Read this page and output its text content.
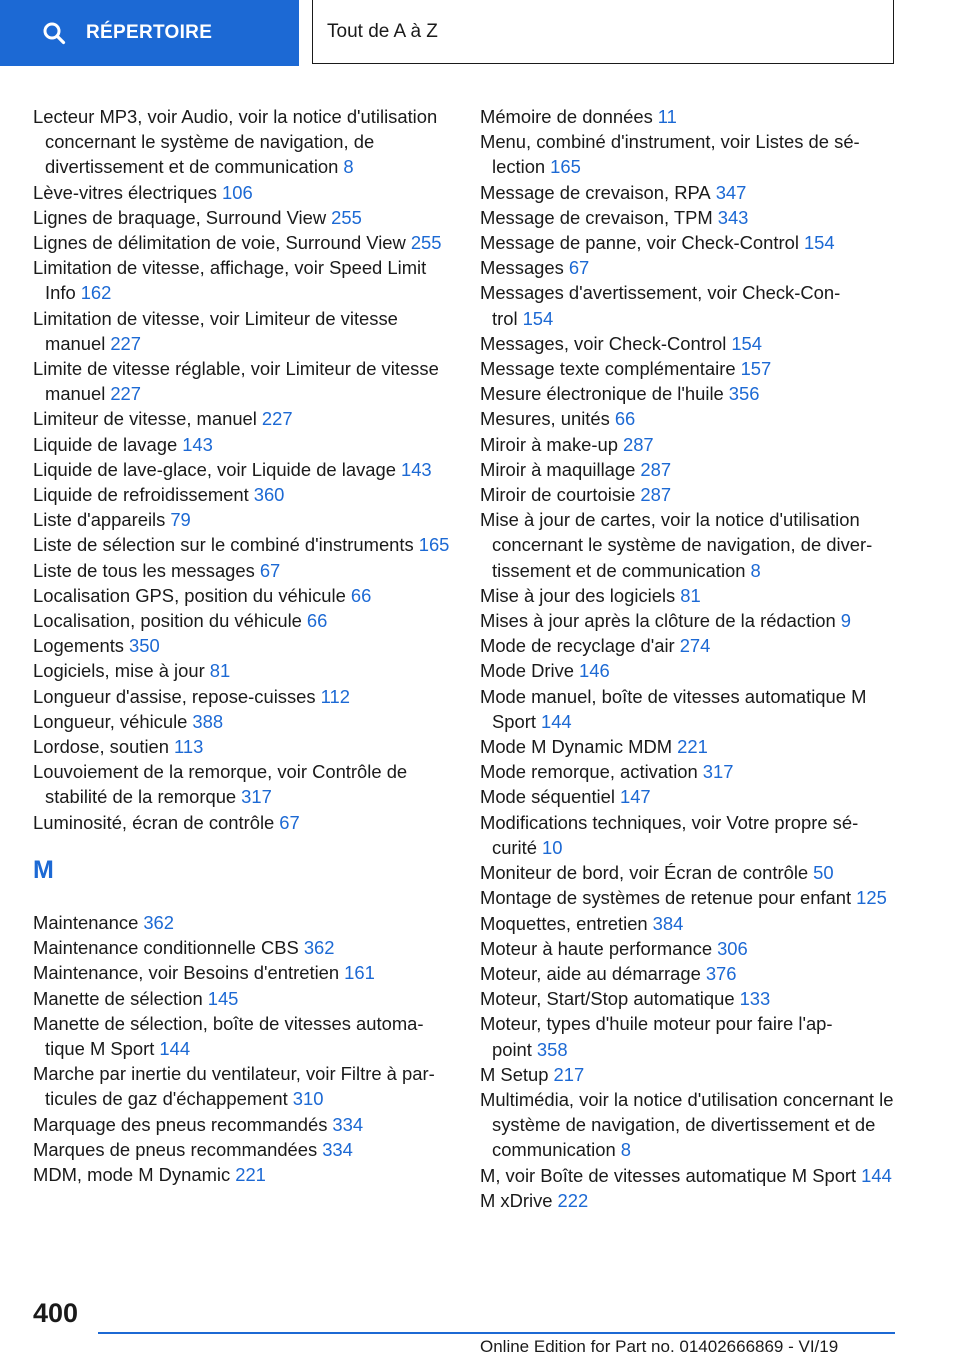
RÉPERTOIRE	Tout de A à Z
Lecteur MP3, voir Audio, voir la notice d'utilisation concernant le système de navigation, de divertissement et de communication 8
Lève-vitres électriques 106
Lignes de braquage, Surround View 255
Lignes de délimitation de voie, Surround View 255
Limitation de vitesse, affichage, voir Speed Limit Info 162
Limitation de vitesse, voir Limiteur de vitesse manuel 227
Limite de vitesse réglable, voir Limiteur de vitesse manuel 227
Limiteur de vitesse, manuel 227
Liquide de lavage 143
Liquide de lave-glace, voir Liquide de lavage 143
Liquide de refroidissement 360
Liste d'appareils 79
Liste de sélection sur le combiné d'instruments 165
Liste de tous les messages 67
Localisation GPS, position du véhicule 66
Localisation, position du véhicule 66
Logements 350
Logiciels, mise à jour 81
Longueur d'assise, repose-cuisses 112
Longueur, véhicule 388
Lordose, soutien 113
Louvoiement de la remorque, voir Contrôle de stabilité de la remorque 317
Luminosité, écran de contrôle 67
M
Maintenance 362
Maintenance conditionnelle CBS 362
Maintenance, voir Besoins d'entretien 161
Manette de sélection 145
Manette de sélection, boîte de vitesses automatique M Sport 144
Marche par inertie du ventilateur, voir Filtre à particules de gaz d'échappement 310
Marquage des pneus recommandés 334
Marques de pneus recommandées 334
MDM, mode M Dynamic 221
Mémoire de données 11
Menu, combiné d'instrument, voir Listes de sélection 165
Message de crevaison, RPA 347
Message de crevaison, TPM 343
Message de panne, voir Check-Control 154
Messages 67
Messages d'avertissement, voir Check-Control 154
Messages, voir Check-Control 154
Message texte complémentaire 157
Mesure électronique de l'huile 356
Mesures, unités 66
Miroir à make-up 287
Miroir à maquillage 287
Miroir de courtoisie 287
Mise à jour de cartes, voir la notice d'utilisation concernant le système de navigation, de divertissement et de communication 8
Mise à jour des logiciels 81
Mises à jour après la clôture de la rédaction 9
Mode de recyclage d'air 274
Mode Drive 146
Mode manuel, boîte de vitesses automatique M Sport 144
Mode M Dynamic MDM 221
Mode remorque, activation 317
Mode séquentiel 147
Modifications techniques, voir Votre propre sécurité 10
Moniteur de bord, voir Écran de contrôle 50
Montage de systèmes de retenue pour enfant 125
Moquettes, entretien 384
Moteur à haute performance 306
Moteur, aide au démarrage 376
Moteur, Start/Stop automatique 133
Moteur, types d'huile moteur pour faire l'appoint 358
M Setup 217
Multimédia, voir la notice d'utilisation concernant le système de navigation, de divertissement et de communication 8
M, voir Boîte de vitesses automatique M Sport 144
M xDrive 222
400
Online Edition for Part no. 01402666869 - VI/19
